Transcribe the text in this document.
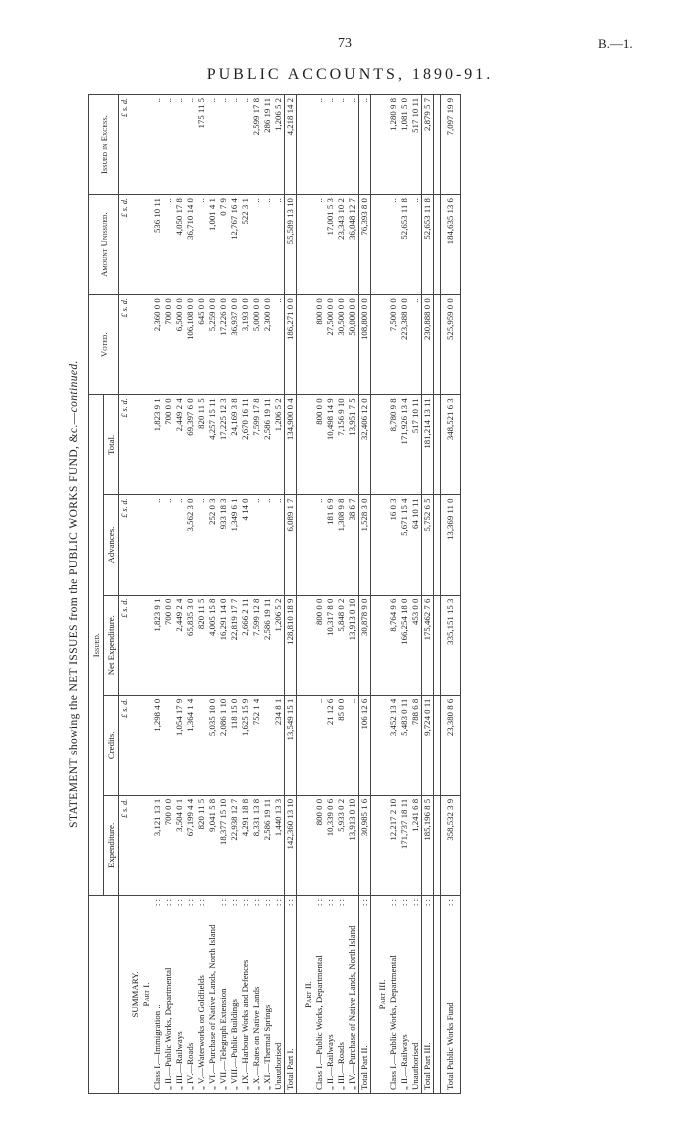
73	B.—1.
PUBLIC ACCOUNTS, 1890-91.
STATEMENT showing the NET ISSUES from the PUBLIC WORKS FUND, &c.—continued.
	Issued.					Voted.	Amount Unissued.	Issued in Excess.
	Expenditure.	Credits.	Net Expenditure.	Advances.	Total.			
	£ s. d.	£ s. d.	£ s. d.	£ s. d.	£ s. d.	£ s. d.	£ s. d.	£ s. d.
SUMMARY.								
Part I.								
Class I.—Immigration ..
: :	3,121 13 1	1,298 4 0	1,823 9 1	..	1,823 9 1	2,360 0 0	536 10 11	..
„ II.—Public Works, Departmental
: :	700 0 0		700 0 0	..	700 0 0	700 0 0	..	..
„ III.—Railways
: :	3,504 0 1	1,054 17 9	2,449 2 4	..	2,449 2 4	6,500 0 0	4,050 17 8	..
„ IV.—Roads
: :	67,199 4 4	1,364 1 4	65,835 3 0	3,562 3 0	69,397 6 0	106,108 0 0	36,710 14 0	..
„ V.—Waterworks on Goldfields
: :	820 11 5		820 11 5	..	820 11 5	645 0 0	..	175 11 5
„ VI.—Purchase of Native Lands, North Island	9,041 5 8	5,035 10 0	4,005 15 8	252 0 3	4,257 15 11	5,259 0 0	1,001 4 1	..
„ VII.—Telegraph Extension
: :	18,377 15 10	2,086 1 10	16,291 14 0	933 18 3	17,225 12 3	17,226 0 0	0 7 9	..
„ VIII.—Public Buildings
: :	22,938 12 7	118 15 0	22,819 17 7	1,349 6 1	24,169 3 8	36,937 0 0	12,767 16 4	..
„ IX.—Harbour Works and Defences
: :	4,291 18 8	1,625 15 9	2,666 2 11	4 14 0	2,670 16 11	3,193 0 0	522 3 1	..
„ X.—Rates on Native Lands
: :	8,331 13 8	752 1 4	7,599 12 8	..	7,599 17 8	5,000 0 0	..	2,599 17 8
„ XI.—Thermal Springs
: :	2,586 19 11		2,586 19 11	..	2,586 19 11	2,300 0 0	..	286 19 11
Unauthorised
: :	1,440 13 3	234 8 1	1,206 5 2	..	1,206 5 2	..	..	1,206 5 2
Total Part I.
: :	142,360 13 10	13,549 15 1	128,810 18 9	6,089 1 7	134,900 0 4	186,271 0 0	55,589 13 10	4,218 14 2

Part II.								
Class I.—Public Works, Departmental
: :	800 0 0	..	800 0 0	..	800 0 0	800 0 0	..	..
„ II.—Railways
: :	10,339 0 6	21 12 6	10,317 8 0	181 6 9	10,498 14 9	27,500 0 0	17,001 5 3	..
„ III.—Roads
: :	5,933 0 2	85 0 0	5,848 0 2	1,308 9 8	7,156 9 10	30,500 0 0	23,343 10 2	..
„ IV.—Purchase of Native Lands, North Island	13,913 0 10	..	13,913 0 10	38 6 7	13,951 7 5	50,000 0 0	36,048 12 7	..
Total Part II.
: :	30,985 1 6	106 12 6	30,878 9 0	1,528 3 0	32,406 12 0	108,800 0 0	76,393 8 0	..

Part III.								
Class I.—Public Works, Departmental
: :	12,217 2 10	3,452 13 4	8,764 9 6	16 0 3	8,780 9 8	7,500 0 0	..	1,280 9 8
„ II.—Railways
: :	171,737 18 11	5,483 0 11	166,254 18 0	5,671 15 4	171,926 13 4	223,388 0 0	52,653 11 8	1,081 5 0
Unauthorised
: :	1,241 6 8	788 6 8	453 0 0	64 10 11	517 10 11	..	..	517 10 11
Total Part III.
: :	185,196 8 5	9,724 0 11	175,462 7 6	5,752 6 5	181,214 13 11	230,888 0 0	52,653 11 8	2,879 5 7

Total Public Works Fund
: :	358,532 3 9	23,380 8 6	335,151 15 3	13,369 11 0	348,521 6 3	525,959 0 0	184,635 13 6	7,097 19 9
